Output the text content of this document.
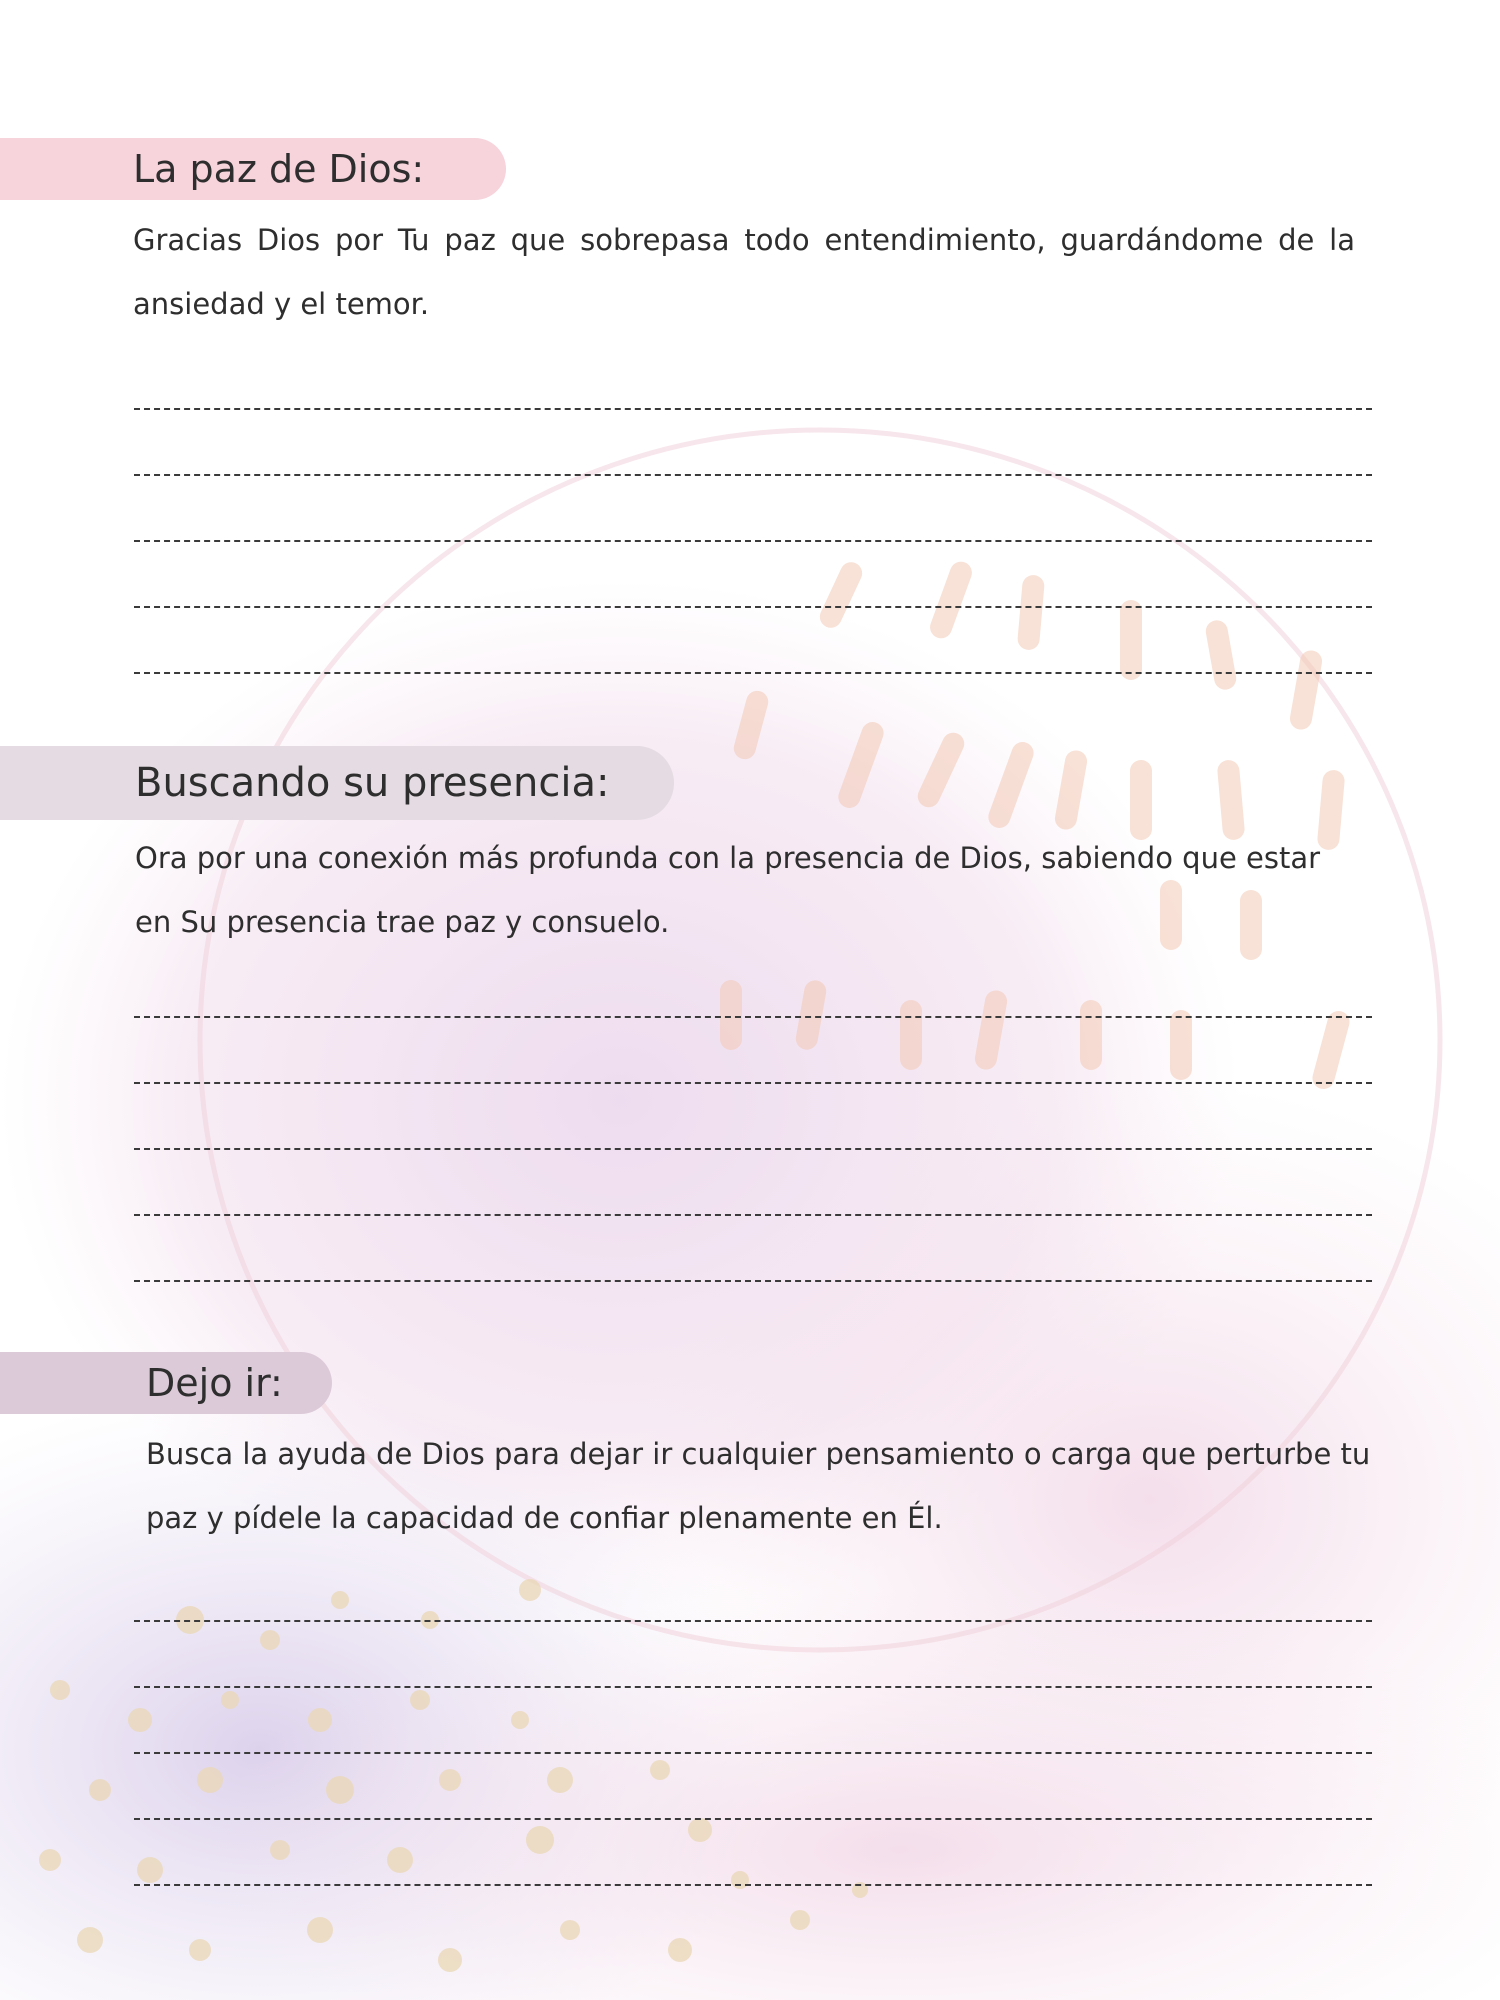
La paz de Dios:
Gracias Dios por Tu paz que sobrepasa todo entendimiento, guardándome de la ansiedad y el temor.
Buscando su presencia:
Ora por una conexión más profunda con la presencia de Dios, sabiendo que estar en Su presencia trae paz y consuelo.
Dejo ir:
Busca la ayuda de Dios para dejar ir cualquier pensamiento o carga que perturbe tu paz y pídele la capacidad de confiar plenamente en Él.
